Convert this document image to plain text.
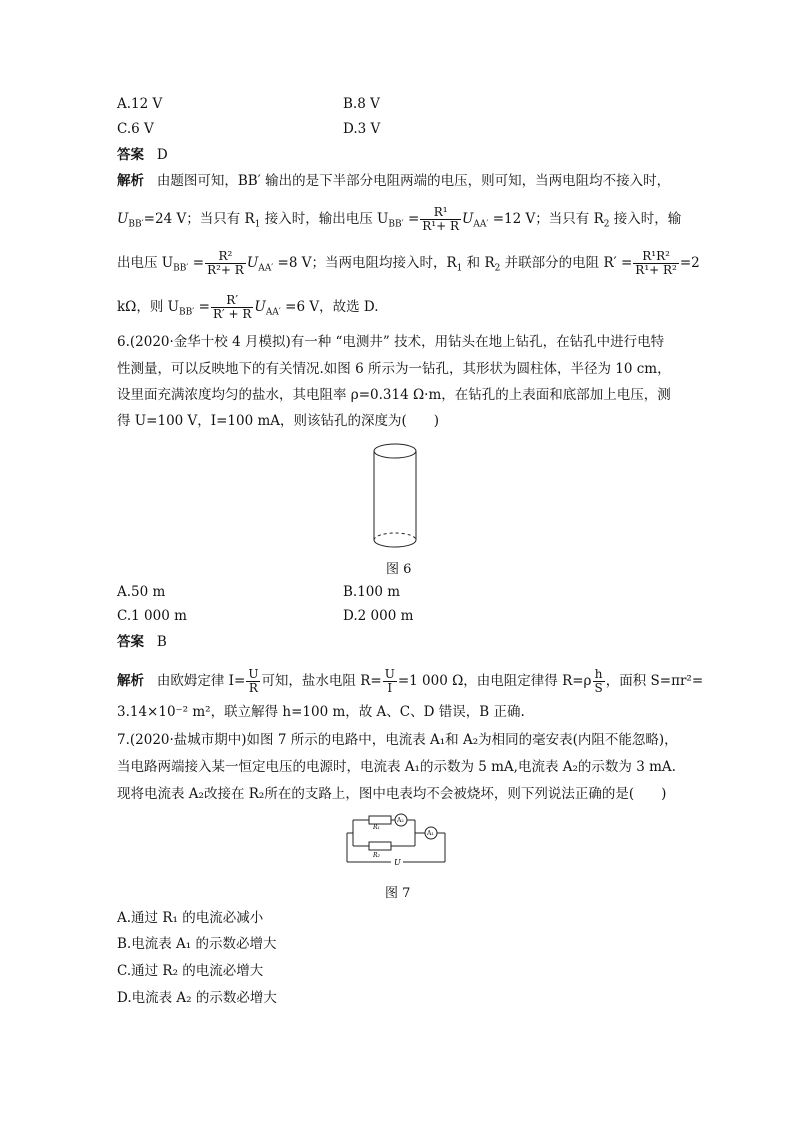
A.12 V	B.8 V
C.6 V	D.3 V
答案 D
解析 由题图可知，BB′ 输出的是下半部分电阻两端的电压，则可知，当两电阻均不接入时，
$U_{BB'}=24$ V；当只有 $R_1$ 接入时，输出电压 $U_{BB'} = \frac{\text{R¹}}{\text{R¹+ R}} U_{AA'} =12$ V；当只有 $R_2$ 接入时，输
出电压 $U_{BB'} = \frac{\text{R²}}{\text{R²+ R}} U_{AA'} =8$ V；当两电阻均接入时，$R_1$ 和 $R_2$ 并联部分的电阻 $R' = \frac{\text{R¹R²}}{\text{R¹+ R²}} =2$
kΩ，则 $U_{BB'} = \frac{R'}{R' + R} U_{AA'} =6$ V，故选 D.
6.(2020·金华十校 4 月模拟)有一种 “电测井” 技术，用钻头在地上钻孔，在钻孔中进行电特
性测量，可以反映地下的有关情况.如图 6 所示为一钻孔，其形状为圆柱体，半径为 10 cm，
设里面充满浓度均匀的盐水，其电阻率 ρ=0.314 Ω·m，在钻孔的上表面和底部加上电压，测
得 U=100 V，I=100 mA，则该钻孔的深度为(　　)
图 6
A.50 m	B.100 m
C.1 000 m	D.2 000 m
答案 B
解析 由欧姆定律 $I= \frac{U}{R}$ 可知，盐水电阻 $R= \frac{U}{I} =1$ 000 Ω，由电阻定律得 $R=\rho \frac{h}{S}$ ，面积 S=πr²=
3.14×10⁻² m²，联立解得 h=100 m，故 A、C、D 错误，B 正确.
7.(2020·盐城市期中)如图 7 所示的电路中，电流表 A₁和 A₂为相同的毫安表(内阻不能忽略)，
当电路两端接入某一恒定电压的电源时，电流表 A₁的示数为 5 mA,电流表 A₂的示数为 3 mA.
现将电流表 A₂改接在 R₂所在的支路上，图中电表均不会被烧坏，则下列说法正确的是(　　)
R₁
R₂
A₂
A₁
U
图 7
A.通过 R₁ 的电流必减小
B.电流表 A₁ 的示数必增大
C.通过 R₂ 的电流必增大
D.电流表 A₂ 的示数必增大
